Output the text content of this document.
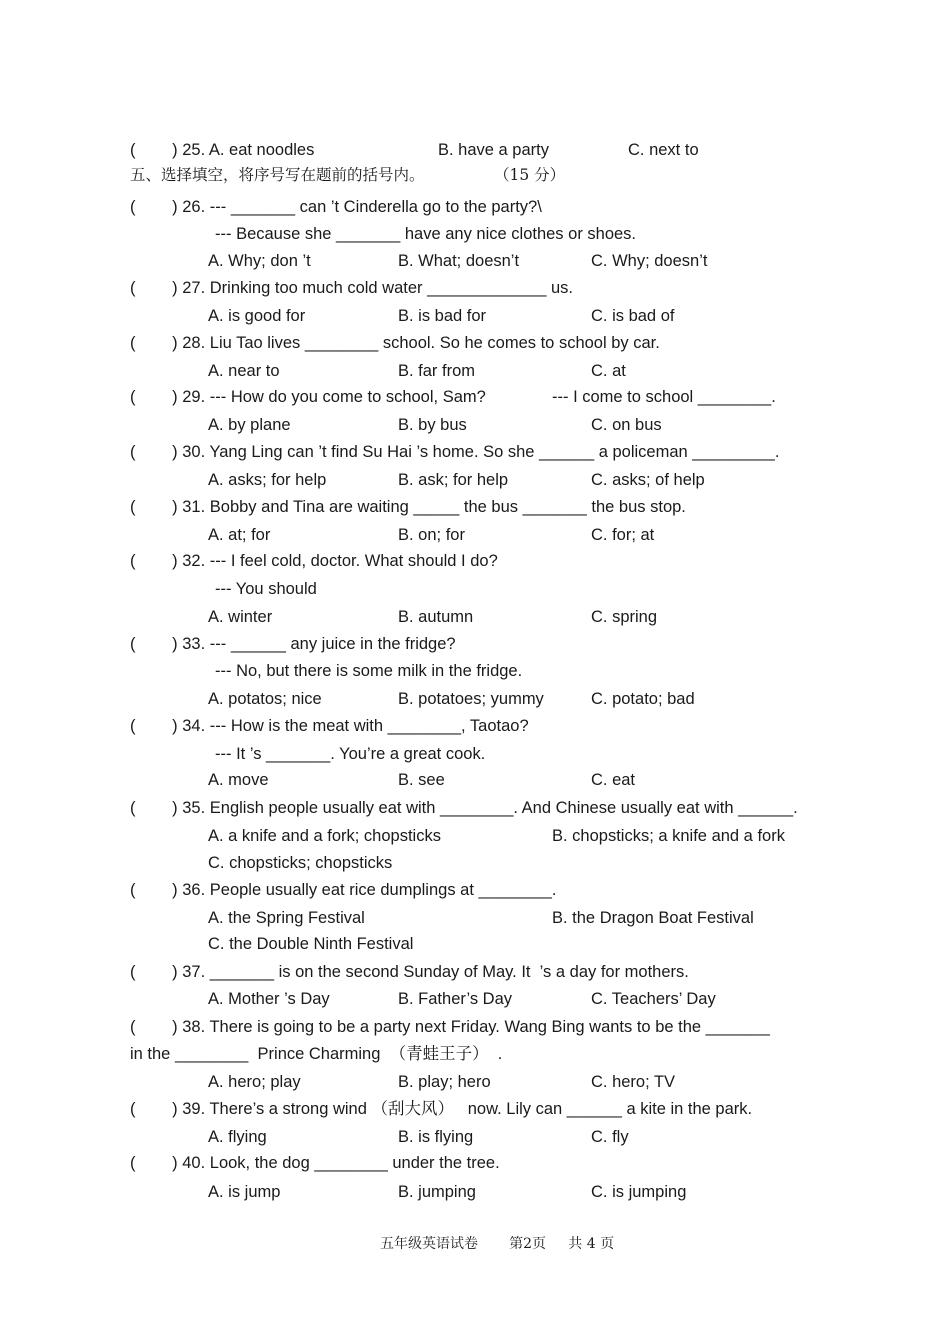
(        ) 25. A. eat noodles	B. have a party	C. next to
五、选择填空，将序号写在题前的括号内。	（15 分）
(        ) 26. --- _______ can ’t Cinderella go to the party?\
--- Because she _______ have any nice clothes or shoes.
A. Why; don ’t	B. What; doesn’t	C. Why; doesn’t
(        ) 27. Drinking too much cold water _____________ us.
A. is good for	B. is bad for	C. is bad of
(        ) 28. Liu Tao lives ________ school. So he comes to school by car.
A. near to	B. far from	C. at
(        ) 29. --- How do you come to school, Sam?	--- I come to school ________.
A. by plane	B. by bus	C. on bus
(        ) 30. Yang Ling can ’t find Su Hai ’s home. So she ______ a policeman _________.
A. asks; for help	B. ask; for help	C. asks; of help
(        ) 31. Bobby and Tina are waiting _____ the bus _______ the bus stop.
A. at; for	B. on; for	C. for; at
(        ) 32. --- I feel cold, doctor. What should I do?
--- You should
A. winter	B. autumn	C. spring
(        ) 33. --- ______ any juice in the fridge?
--- No, but there is some milk in the fridge.
A. potatos; nice	B. potatoes; yummy	C. potato; bad
(        ) 34. --- How is the meat with ________, Taotao?
--- It ’s _______. You’re a great cook.
A. move	B. see	C. eat
(        ) 35. English people usually eat with ________. And Chinese usually eat with ______.
A. a knife and a fork; chopsticks	B. chopsticks; a knife and a fork
C. chopsticks; chopsticks
(        ) 36. People usually eat rice dumplings at ________.
A. the Spring Festival	B. the Dragon Boat Festival
C. the Double Ninth Festival
(        ) 37. _______ is on the second Sunday of May. It  ’s a day for mothers.
A. Mother ’s Day	B. Father’s Day	C. Teachers’ Day
(        ) 38. There is going to be a party next Friday. Wang Bing wants to be the _______
in the ________  Prince Charming  （青蛙王子）  .
A. hero; play	B. play; hero	C. hero; TV
(        ) 39. There’s a strong wind （刮大风）   now. Lily can ______ a kite in the park.
A. flying	B. is flying	C. fly
(        ) 40. Look, the dog ________ under the tree.
A. is jump	B. jumping	C. is jumping
五年级英语试卷       第2页     共 4 页
